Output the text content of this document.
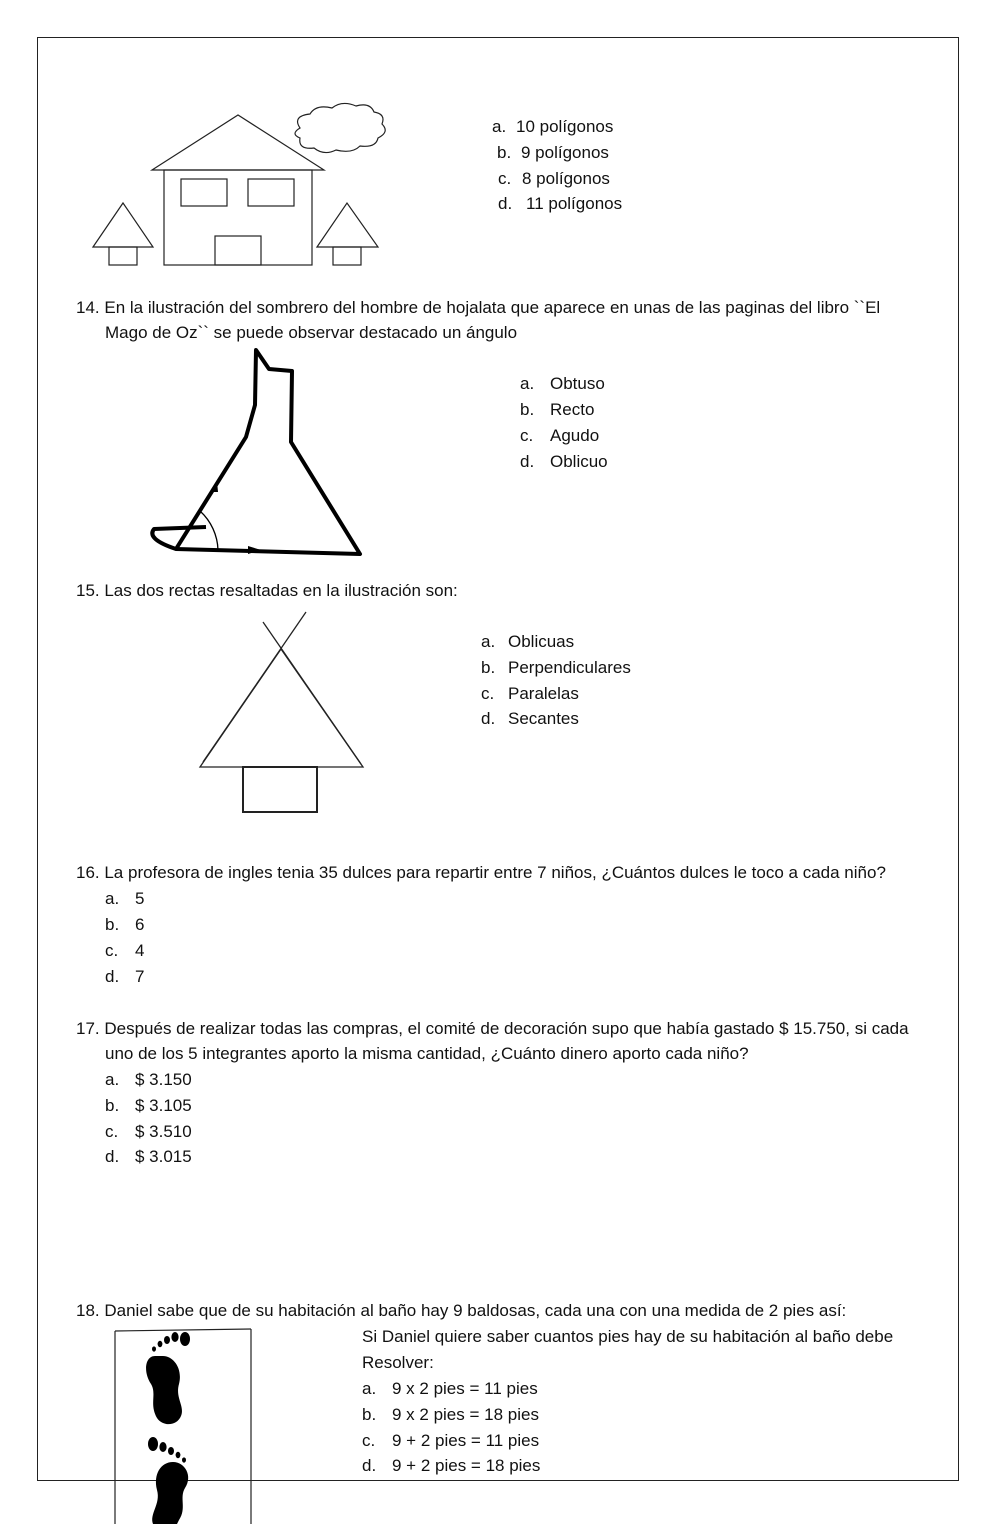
a. 10 polígonos
b. 9 polígonos
c. 8 polígonos
d. 11 polígonos
14. En la ilustración del sombrero del hombre de hojalata que aparece en unas de las paginas del libro ``El
Mago de Oz`` se puede observar destacado un ángulo
a. Obtuso
b. Recto
c. Agudo
d. Oblicuo
15. Las dos rectas resaltadas en la ilustración son:
a. Oblicuas
b. Perpendiculares
c. Paralelas
d. Secantes
16. La profesora de ingles tenia 35 dulces para repartir entre 7 niños, ¿Cuántos dulces le toco a cada niño?
a. 5
b. 6
c. 4
d. 7
17. Después de realizar todas las compras, el comité de decoración supo que había gastado $ 15.750, si cada
uno de los 5 integrantes aporto la misma cantidad, ¿Cuánto dinero aporto cada niño?
a. $ 3.150
b. $ 3.105
c. $ 3.510
d. $ 3.015
18. Daniel sabe que de su habitación al baño hay 9 baldosas, cada una con una medida de 2 pies así:
Si Daniel quiere saber cuantos pies hay de su habitación al baño debe
Resolver:
a. 9 x 2 pies = 11 pies
b. 9 x 2 pies = 18 pies
c. 9 + 2 pies = 11 pies
d. 9 + 2 pies = 18 pies
